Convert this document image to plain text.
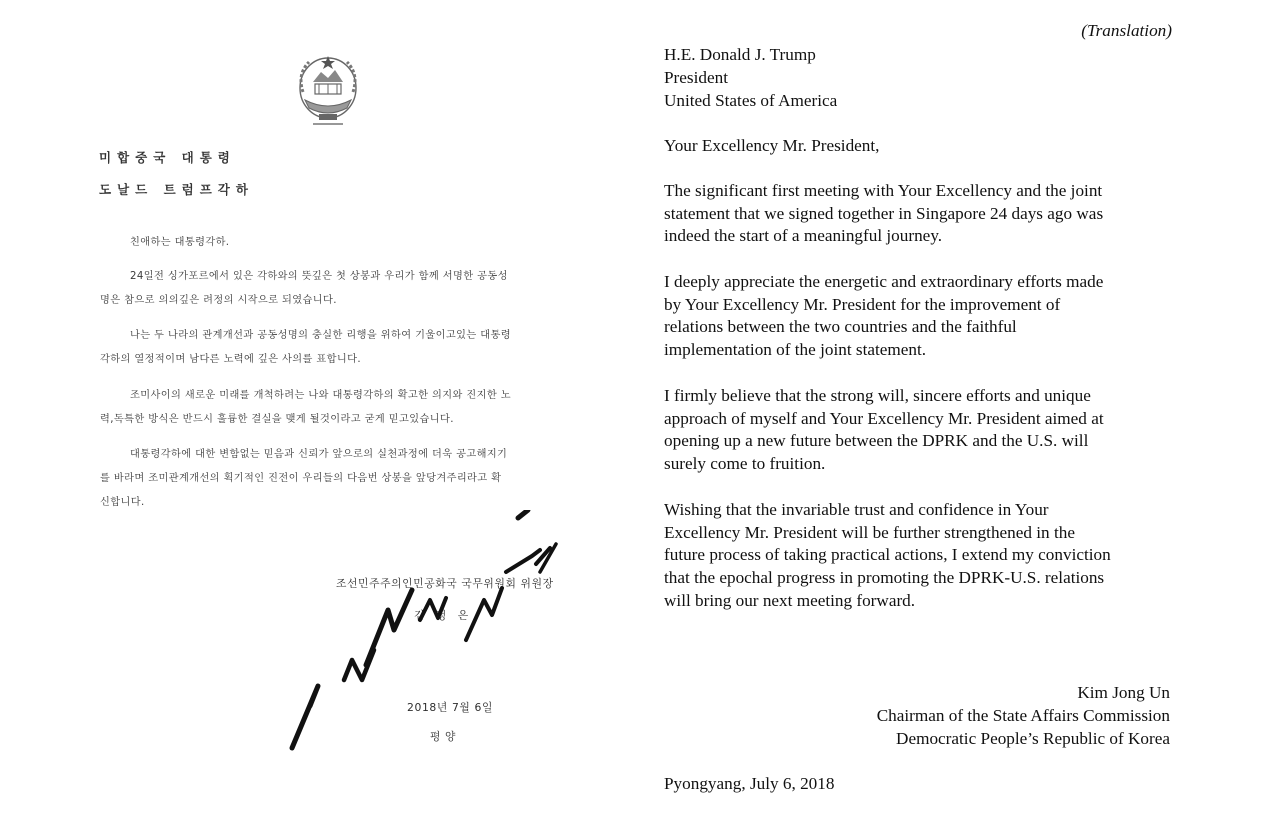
미합중국 대통령
도날드 트럼프각하
친애하는 대통령각하.
24일전 싱가포르에서 있은 각하와의 뜻깊은 첫 상봉과 우리가 함께 서명한 공동성
명은 참으로 의의깊은 려정의 시작으로 되였습니다.
나는 두 나라의 관계개선과 공동성명의 충실한 리행을 위하여 기울이고있는 대통령
각하의 열정적이며 남다른 노력에 깊은 사의를 표합니다.
조미사이의 새로운 미래를 개척하려는 나와 대통령각하의 확고한 의지와 진지한 노
력,독특한 방식은 반드시 훌륭한 결실을 맺게 될것이라고 굳게 믿고있습니다.
대통령각하에 대한 변함없는 믿음과 신뢰가 앞으로의 실천과정에 더욱 공고해지기
를 바라며 조미관계개선의 획기적인 진전이 우리들의 다음번 상봉을 앞당겨주리라고 확
신합니다.
조선민주주의인민공화국 국무위원회 위원장
김 정 은
2018년 7월 6일
평 양
(Translation)
H.E. Donald J. Trump
President
United States of America
Your Excellency Mr. President,
The significant first meeting with Your Excellency and the joint
statement that we signed together in Singapore 24 days ago was
indeed the start of a meaningful journey.
I deeply appreciate the energetic and extraordinary efforts made
by Your Excellency Mr. President for the improvement of
relations between the two countries and the faithful
implementation of the joint statement.
I firmly believe that the strong will, sincere efforts and unique
approach of myself and Your Excellency Mr. President aimed at
opening up a new future between the DPRK and the U.S. will
surely come to fruition.
Wishing that the invariable trust and confidence in Your
Excellency Mr. President will be further strengthened in the
future process of taking practical actions, I extend my conviction
that the epochal progress in promoting the DPRK-U.S. relations
will bring our next meeting forward.
Kim Jong Un
Chairman of the State Affairs Commission
Democratic People’s Republic of Korea
Pyongyang, July 6, 2018
